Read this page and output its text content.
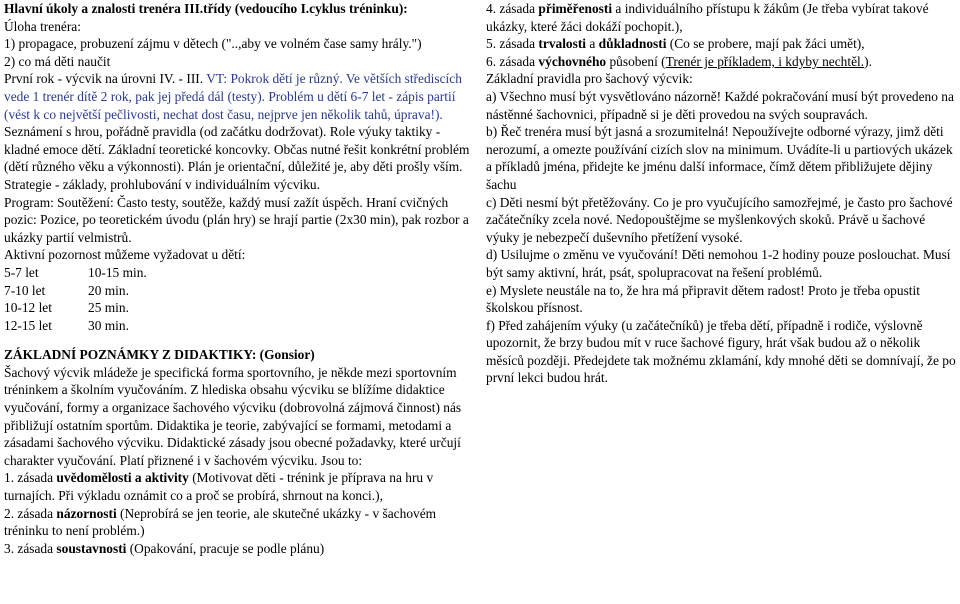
Hlavní úkoly a znalosti trenéra III.třídy (vedoucího I.cyklus tréninku):

Úloha trenéra:

1) propagace, probuzení zájmu v dětech ("..,aby ve volném čase samy hrály.")

2) co má děti naučit

První rok - výcvik na úrovni IV. - III. VT: Pokrok dětí je různý. Ve větších střediscích vede 1 trenér dítě 2 rok, pak jej předá dál (testy). Problém u dětí 6-7 let - zápis partií (vést k co největší pečlivosti, nechat dost času, nejprve jen několik tahů, úprava!).

Seznámení s hrou, pořádně pravidla (od začátku dodržovat). Role výuky taktiky - kladné emoce dětí. Základní teoretické koncovky. Občas nutné řešit konkrétní problém (dětí různého věku a výkonnosti). Plán je orientační, důležité je, aby děti prošly vším. Strategie - základy, prohlubování v individuálním výcviku.

Program: Soutěžení: Často testy, soutěže, každý musí zažít úspěch. Hraní cvičných pozic: Pozice, po teoretickém úvodu (plán hry) se hrají partie (2x30 min), pak rozbor a ukázky partií velmistrů.

Aktivní pozornost můžeme vyžadovat u dětí:

5-7 let	10-15 min.
7-10 let	20 min.
10-12 let	25 min.
12-15 let	30 min.

ZÁKLADNÍ POZNÁMKY Z DIDAKTIKY: (Gonsior)

Šachový výcvik mládeže je specifická forma sportovního, je někde mezi sportovním tréninkem a školním vyučováním. Z hlediska obsahu výcviku se blížíme didaktice vyučování, formy a organizace šachového výcviku (dobrovolná zájmová činnost) nás přibližují ostatním sportům. Didaktika je teorie, zabývající se formami, metodami a zásadami šachového výcviku. Didaktické zásady jsou obecné požadavky, které určují charakter vyučování. Platí přiznené i v šachovém výcviku. Jsou to:

1. zásada uvědomělosti a aktivity (Motivovat děti - trénink je příprava na hru v turnajích. Při výkladu oznámit co a proč se probírá, shrnout na konci.),

2. zásada názornosti (Neprobírá se jen teorie, ale skutečné ukázky - v šachovém tréninku to není problém.)

3. zásada soustavnosti (Opakování, pracuje se podle plánu)

4. zásada přiměřenosti a individuálního přístupu k žákům (Je třeba vybírat takové ukázky, které žáci dokáží pochopit.),

5. zásada trvalosti a důkladnosti (Co se probere, mají pak žáci umět),

6. zásada výchovného působení (Trenér je příkladem, i kdyby nechtěl.).

Základní pravidla pro šachový výcvik:

a) Všechno musí být vysvětlováno názorně! Každé pokračování musí být provedeno na nástěnné šachovnici, případně si je děti provedou na svých soupravách.

b) Řeč trenéra musí být jasná a srozumitelná! Nepoužívejte odborné výrazy, jimž děti nerozumí, a omezte používání cizích slov na minimum. Uvádíte-li u partiových ukázek a příkladů jména, přidejte ke jménu další informace, čímž dětem přibližujete dějiny šachu

c) Děti nesmí být přetěžovány. Co je pro vyučujícího samozřejmé, je často pro šachové začátečníky zcela nové. Nedopouštějme se myšlenkových skoků. Právě u šachové výuky je nebezpečí duševního přetížení vysoké.

d) Usilujme o změnu ve vyučování! Děti nemohou 1-2 hodiny pouze poslouchat. Musí být samy aktivní, hrát, psát, spolupracovat na řešení problémů.

e) Myslete neustále na to, že hra má připravit dětem radost! Proto je třeba opustit školskou přísnost.

f) Před zahájením výuky (u začátečníků) je třeba dětí, případně i rodiče, výslovně upozornit, že brzy budou mít v ruce šachové figury, hrát však budou až o několik měsíců později. Předejdete tak možnému zklamání, kdy mnohé děti se domnívají, že po první lekci budou hrát.
